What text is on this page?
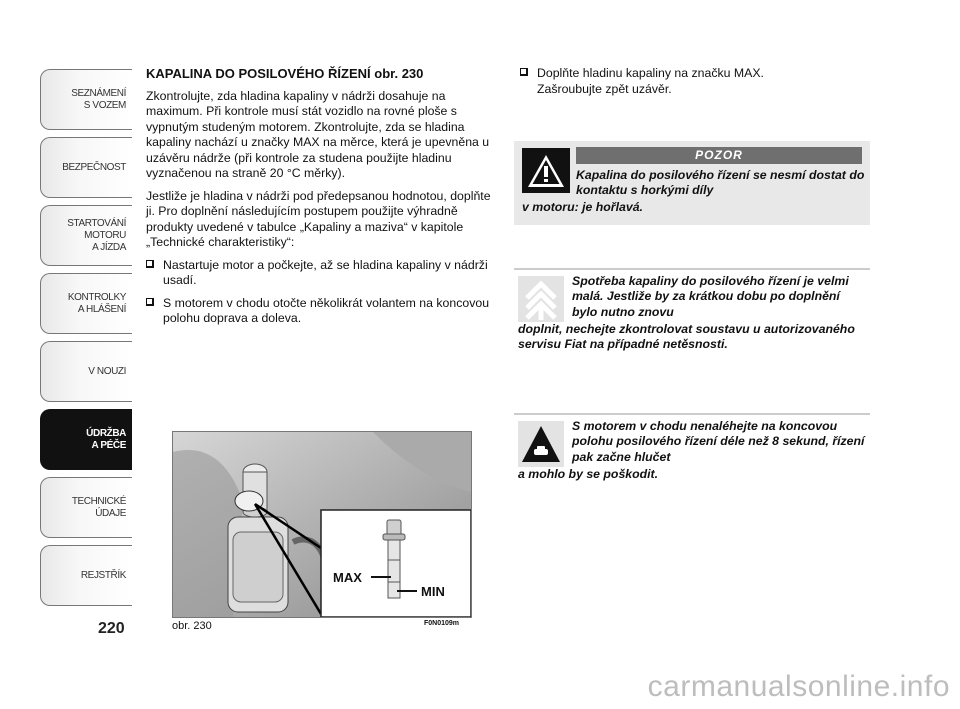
SEZNÁMENÍ
S VOZEM
BEZPEČNOST
STARTOVÁNÍ
MOTORU
A JÍZDA
KONTROLKY
A HLÁŠENÍ
V NOUZI
ÚDRŽBA
A PÉČE
TECHNICKÉ
ÚDAJE
REJSTŘÍK
220
KAPALINA DO POSILOVÉHO ŘÍZENÍ obr. 230

Zkontrolujte, zda hladina kapaliny v nádrži dosahuje na maximum. Při kontrole musí stát vozidlo na rovné ploše s vypnutým studeným motorem. Zkontrolujte, zda se hladina kapaliny nachází u značky MAX na měrce, která je upevněna u uzávěru nádrže (při kontrole za studena použijte hladinu vyznačenou na straně 20 °C měrky).

Jestliže je hladina v nádrži pod předepsanou hodnotou, doplňte ji. Pro doplnění následujícím postupem použijte výhradně produkty uvedené v tabulce „Kapaliny a maziva“ v kapitole „Technické charakteristiky“:

Nastartuje motor a počkejte, až se hladina kapaliny v nádrži usadí.
S motorem v chodu otočte několikrát volantem na koncovou polohu doprava a doleva.
Doplňte hladinu kapaliny na značku MAX.
Zašroubujte zpět uzávěr.
POZOR
Kapalina do posilového řízení se nesmí dostat do kontaktu s horkými díly
v motoru: je hořlavá.
Spotřeba kapaliny do posilového řízení je velmi malá. Jestliže by za krátkou dobu po doplnění bylo nutno znovu
doplnit, nechejte zkontrolovat soustavu u autorizovaného servisu Fiat na případné netěsnosti.
S motorem v chodu nenaléhejte na koncovou polohu posilového řízení déle než 8 sekund, řízení pak začne hlučet
a mohlo by se poškodit.
MAX
MIN
obr. 230	F0N0109m
carmanualsonline.info
